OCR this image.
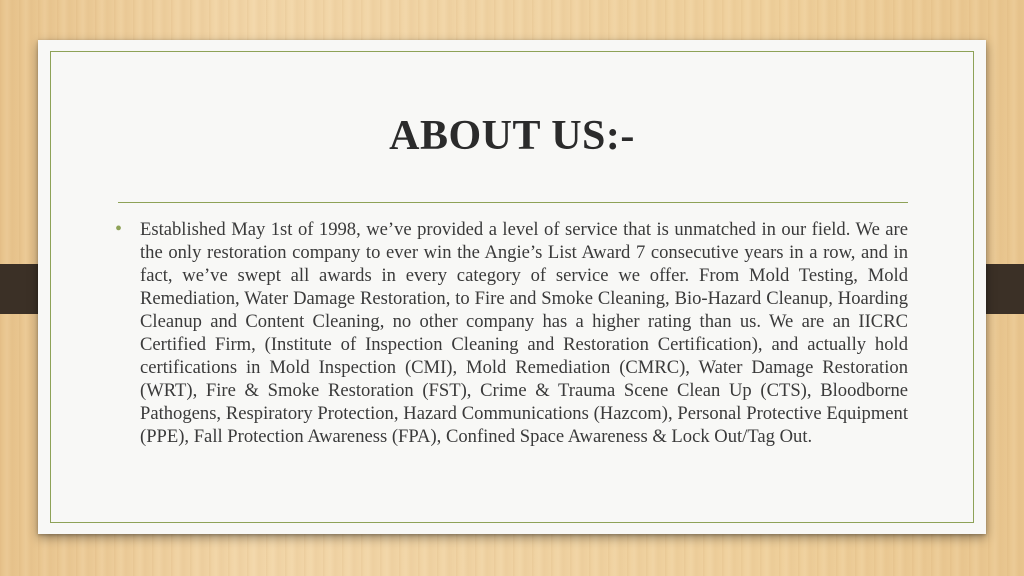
ABOUT US:-
• Established May 1st of 1998, we’ve provided a level of service that is unmatched in our field. We are the only restoration company to ever win the Angie’s List Award 7 consecutive years in a row, and in fact, we’ve swept all awards in every category of service we offer. From Mold Testing, Mold Remediation, Water Damage Restoration, to Fire and Smoke Cleaning, Bio-Hazard Cleanup, Hoarding Cleanup and Content Cleaning, no other company has a higher rating than us. We are an IICRC Certified Firm, (Institute of Inspection Cleaning and Restoration Certification), and actually hold certifications in Mold Inspection (CMI), Mold Remediation (CMRC), Water Damage Restoration (WRT), Fire & Smoke Restoration (FST), Crime & Trauma Scene Clean Up (CTS), Bloodborne Pathogens, Respiratory Protection, Hazard Communications (Hazcom), Personal Protective Equipment (PPE), Fall Protection Awareness (FPA), Confined Space Awareness & Lock Out/Tag Out.
